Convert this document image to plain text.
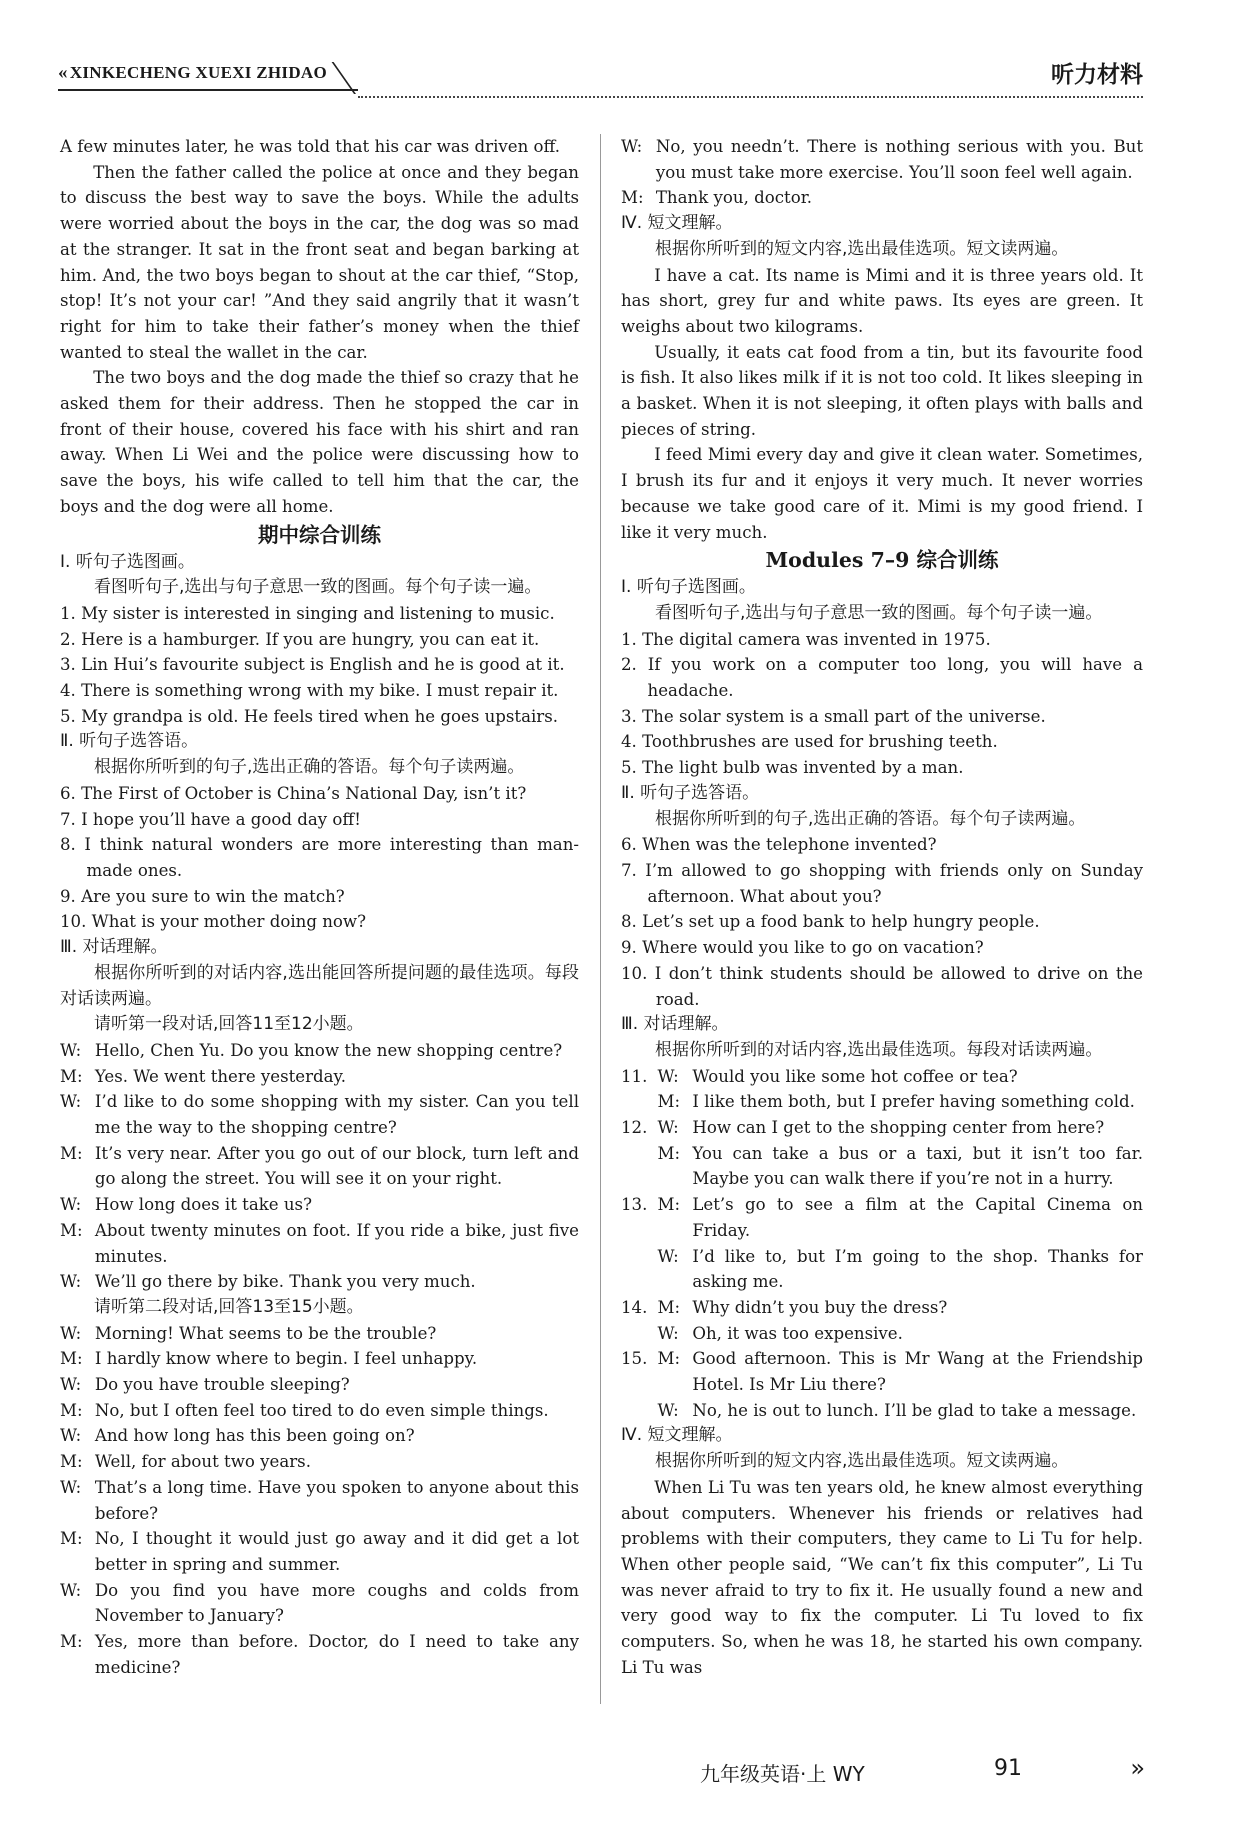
« XINKECHENG XUEXI ZHIDAO	听力材料

A few minutes later, he was told that his car was driven off.

Then the father called the police at once and they began to discuss the best way to save the boys. While the adults were worried about the boys in the car, the dog was so mad at the stranger. It sat in the front seat and began barking at him. And, the two boys began to shout at the car thief, “Stop, stop! It’s not your car! ”And they said angrily that it wasn’t right for him to take their father’s money when the thief wanted to steal the wallet in the car.

The two boys and the dog made the thief so crazy that he asked them for their address. Then he stopped the car in front of their house, covered his face with his shirt and ran away. When Li Wei and the police were discussing how to save the boys, his wife called to tell him that the car, the boys and the dog were all home.

期中综合训练

Ⅰ. 听句子选图画。

看图听句子,选出与句子意思一致的图画。每个句子读一遍。

1. My sister is interested in singing and listening to music.

2. Here is a hamburger. If you are hungry, you can eat it.

3. Lin Hui’s favourite subject is English and he is good at it.

4. There is something wrong with my bike. I must repair it.

5. My grandpa is old. He feels tired when he goes upstairs.

Ⅱ. 听句子选答语。

根据你所听到的句子,选出正确的答语。每个句子读两遍。

6. The First of October is China’s National Day, isn’t it?

7. I hope you’ll have a good day off!

8. I think natural wonders are more interesting than man-made ones.

9. Are you sure to win the match?

10. What is your mother doing now?

Ⅲ. 对话理解。

根据你所听到的对话内容,选出能回答所提问题的最佳选项。每段对话读两遍。

请听第一段对话,回答11至12小题。

W: Hello, Chen Yu. Do you know the new shopping centre?

M: Yes. We went there yesterday.

W: I’d like to do some shopping with my sister. Can you tell me the way to the shopping centre?

M: It’s very near. After you go out of our block, turn left and go along the street. You will see it on your right.

W: How long does it take us?

M: About twenty minutes on foot. If you ride a bike, just five minutes.

W: We’ll go there by bike. Thank you very much.

请听第二段对话,回答13至15小题。

W: Morning! What seems to be the trouble?

M: I hardly know where to begin. I feel unhappy.

W: Do you have trouble sleeping?

M: No, but I often feel too tired to do even simple things.

W: And how long has this been going on?

M: Well, for about two years.

W: That’s a long time. Have you spoken to anyone about this before?

M: No, I thought it would just go away and it did get a lot better in spring and summer.

W: Do you find you have more coughs and colds from November to January?

M: Yes, more than before. Doctor, do I need to take any medicine?

W: No, you needn’t. There is nothing serious with you. But you must take more exercise. You’ll soon feel well again.

M: Thank you, doctor.

Ⅳ. 短文理解。

根据你所听到的短文内容,选出最佳选项。短文读两遍。

I have a cat. Its name is Mimi and it is three years old. It has short, grey fur and white paws. Its eyes are green. It weighs about two kilograms.

Usually, it eats cat food from a tin, but its favourite food is fish. It also likes milk if it is not too cold. It likes sleeping in a basket. When it is not sleeping, it often plays with balls and pieces of string.

I feed Mimi every day and give it clean water. Sometimes, I brush its fur and it enjoys it very much. It never worries because we take good care of it. Mimi is my good friend. I like it very much.

Modules 7–9 综合训练

Ⅰ. 听句子选图画。

看图听句子,选出与句子意思一致的图画。每个句子读一遍。

1. The digital camera was invented in 1975.

2. If you work on a computer too long, you will have a headache.

3. The solar system is a small part of the universe.

4. Toothbrushes are used for brushing teeth.

5. The light bulb was invented by a man.

Ⅱ. 听句子选答语。

根据你所听到的句子,选出正确的答语。每个句子读两遍。

6. When was the telephone invented?

7. I’m allowed to go shopping with friends only on Sunday afternoon. What about you?

8. Let’s set up a food bank to help hungry people.

9. Where would you like to go on vacation?

10. I don’t think students should be allowed to drive on the road.

Ⅲ. 对话理解。

根据你所听到的对话内容,选出最佳选项。每段对话读两遍。

11. W: Would you like some hot coffee or tea?

M: I like them both, but I prefer having something cold.

12. W: How can I get to the shopping center from here?

M: You can take a bus or a taxi, but it isn’t too far. Maybe you can walk there if you’re not in a hurry.

13. M: Let’s go to see a film at the Capital Cinema on Friday.

W: I’d like to, but I’m going to the shop. Thanks for asking me.

14. M: Why didn’t you buy the dress?

W: Oh, it was too expensive.

15. M: Good afternoon. This is Mr Wang at the Friendship Hotel. Is Mr Liu there?

W: No, he is out to lunch. I’ll be glad to take a message.

Ⅳ. 短文理解。

根据你所听到的短文内容,选出最佳选项。短文读两遍。

When Li Tu was ten years old, he knew almost everything about computers. Whenever his friends or relatives had problems with their computers, they came to Li Tu for help. When other people said, “We can’t fix this computer”, Li Tu was never afraid to try to fix it. He usually found a new and very good way to fix the computer. Li Tu loved to fix computers. So, when he was 18, he started his own company. Li Tu was

九年级英语·上 WY	91	»
